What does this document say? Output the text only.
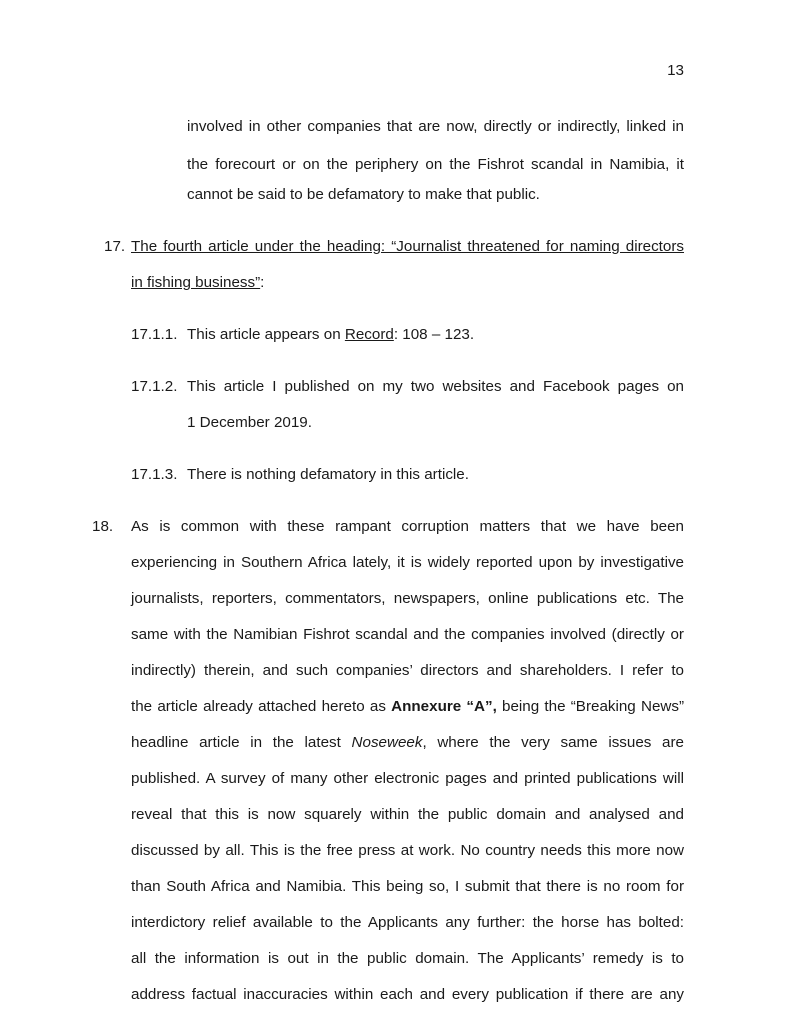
13
involved in other companies that are now, directly or indirectly, linked in
the forecourt or on the periphery on the Fishrot scandal in Namibia, it
cannot be said to be defamatory to make that public.
17. The fourth article under the heading: “Journalist threatened for naming directors
in fishing business”:
17.1.1. This article appears on Record: 108 – 123.
17.1.2. This article I published on my two websites and Facebook pages on
1 December 2019.
17.1.3. There is nothing defamatory in this article.
18. As is common with these rampant corruption matters that we have been
experiencing in Southern Africa lately, it is widely reported upon by investigative
journalists, reporters, commentators, newspapers, online publications etc. The
same with the Namibian Fishrot scandal and the companies involved (directly or
indirectly) therein, and such companies’ directors and shareholders. I refer to
the article already attached hereto as Annexure “A”, being the “Breaking News”
headline article in the latest Noseweek, where the very same issues are
published. A survey of many other electronic pages and printed publications will
reveal that this is now squarely within the public domain and analysed and
discussed by all. This is the free press at work. No country needs this more now
than South Africa and Namibia. This being so, I submit that there is no room for
interdictory relief available to the Applicants any further: the horse has bolted:
all the information is out in the public domain. The Applicants’ remedy is to
address factual inaccuracies within each and every publication if there are any
